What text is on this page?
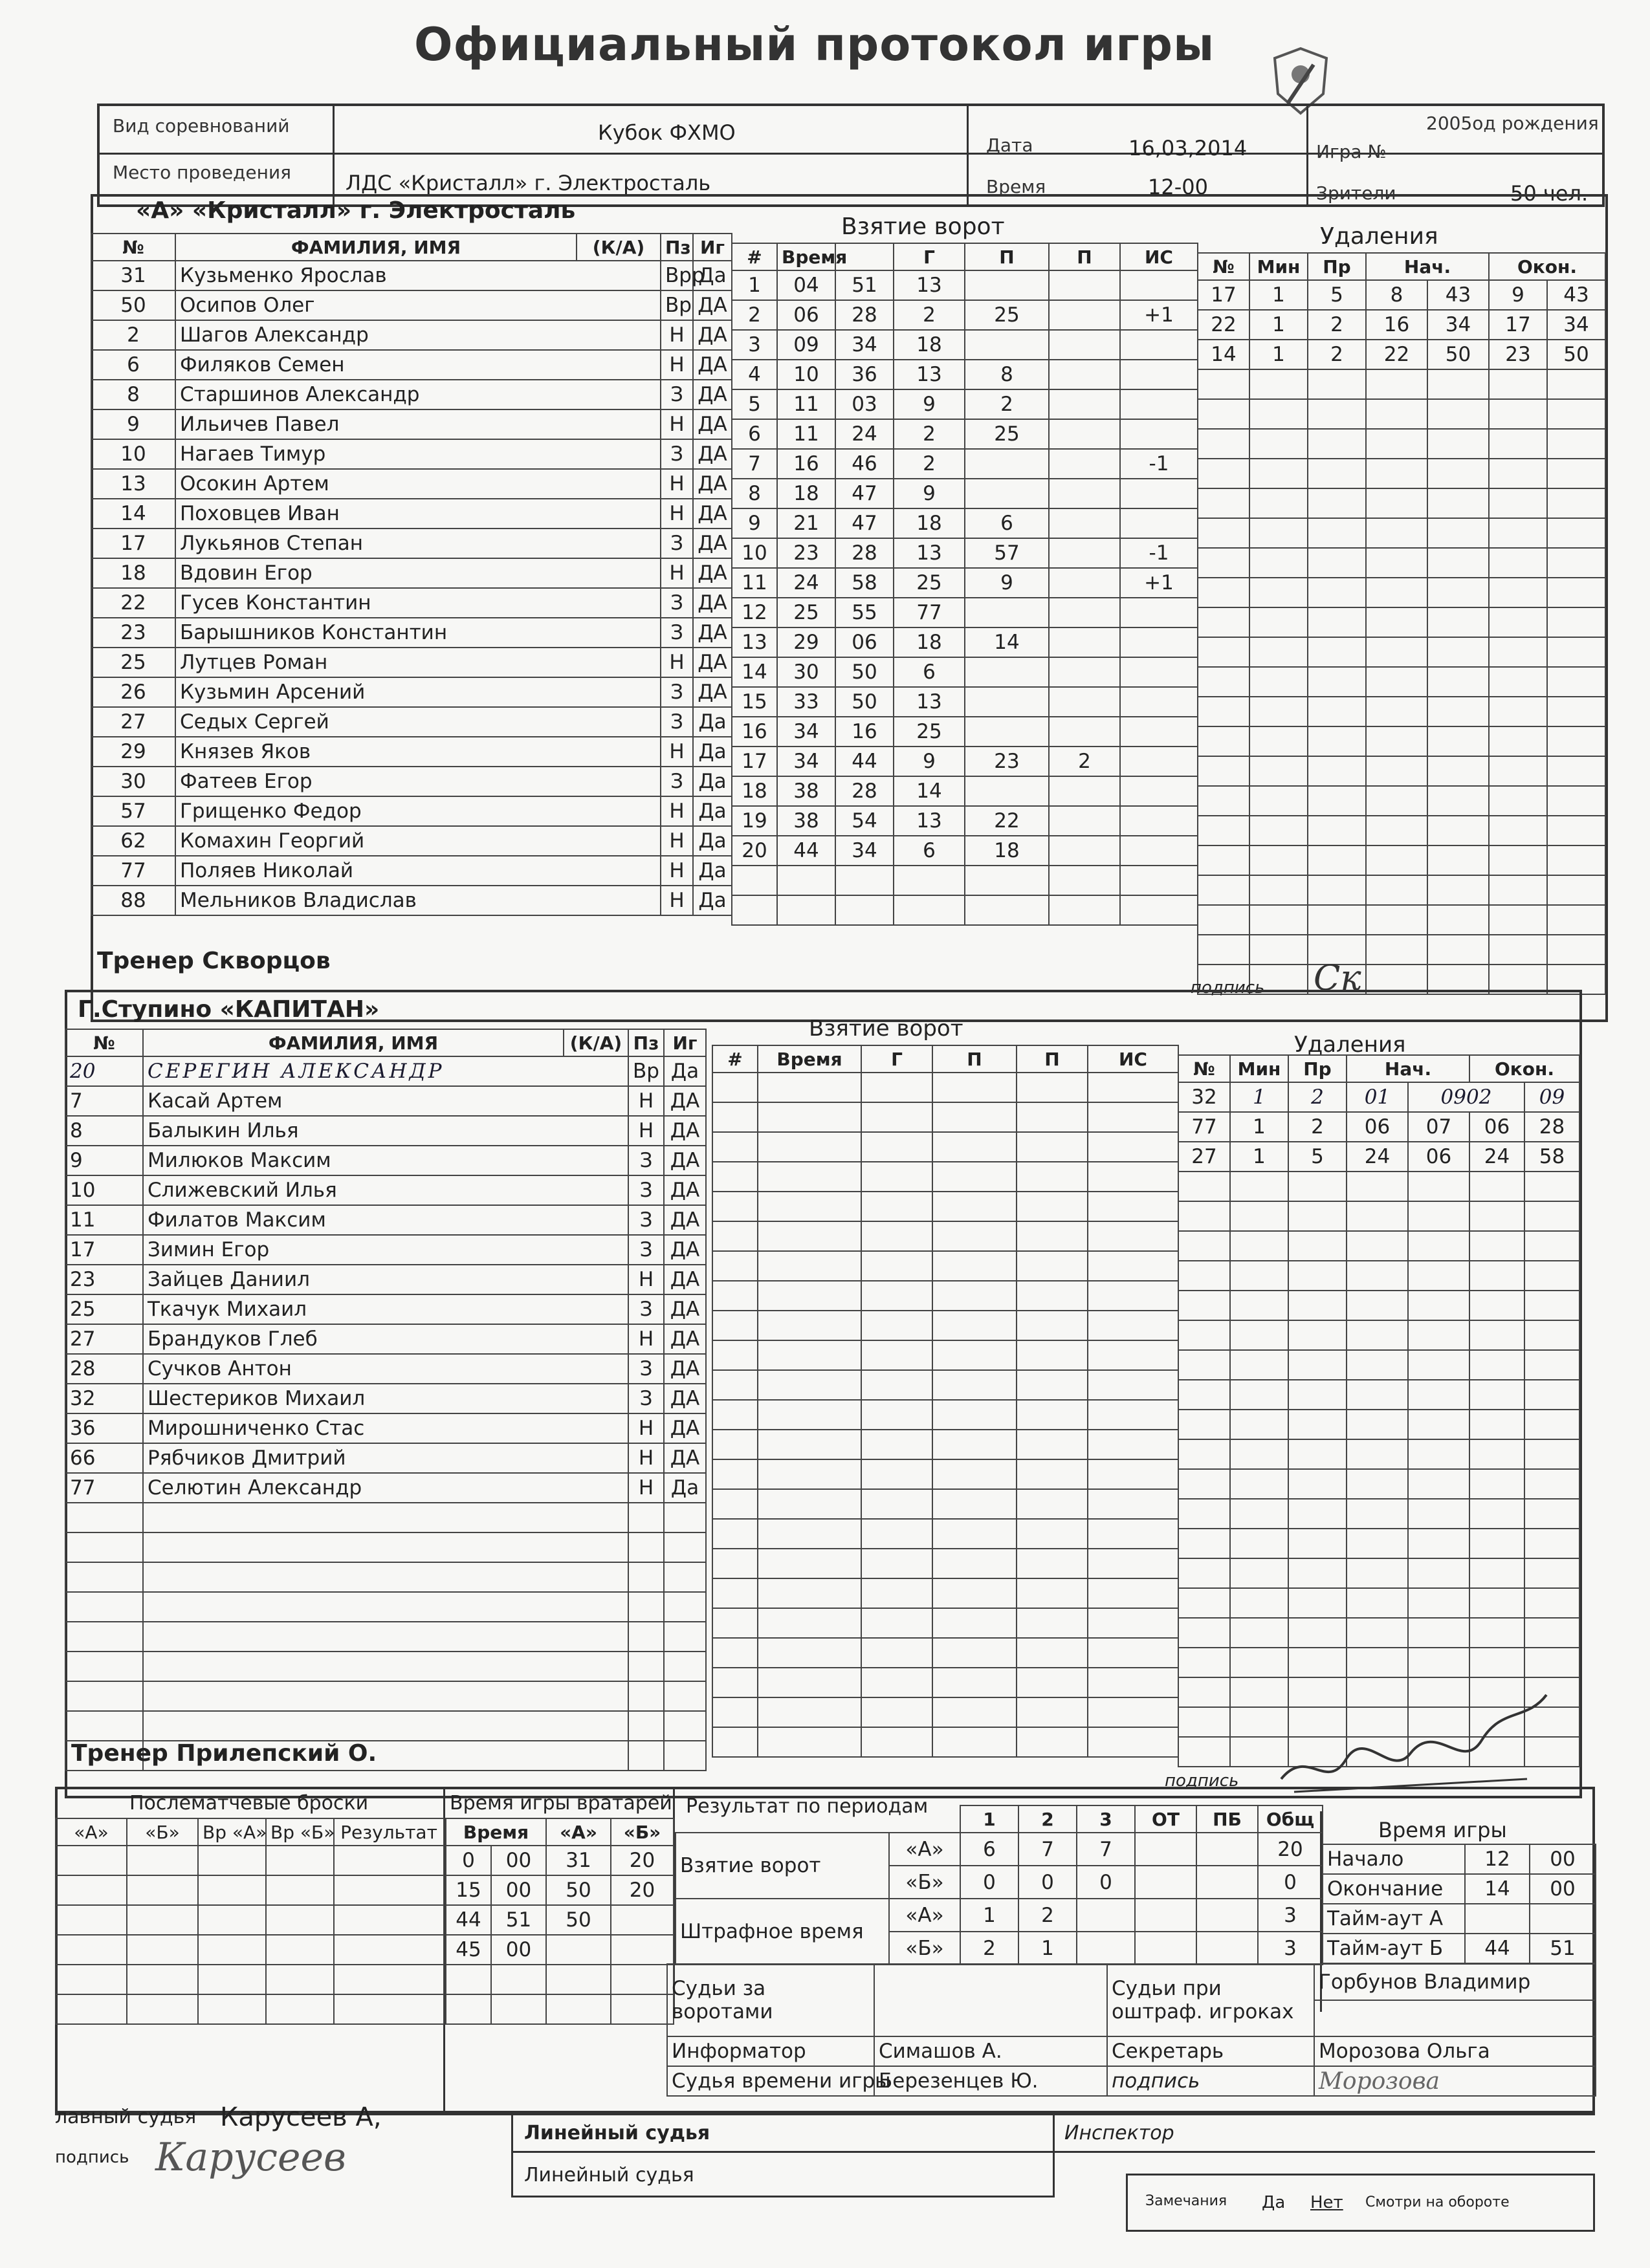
Официальный протокол игры
Вид соревнований	Кубок ФХМО	2005од рождения
Место проведения	ЛДС «Кристалл» г. Электросталь
Дата	16,03,2014	Игра №
Время	12-00	Зрители	50 чел.
«А» «Кристалл» г. Электросталь
Взятие ворот	Удаления
№	ФАМИЛИЯ, ИМЯ	(К/А)	Пз	Иг
31	Кузьменко Ярослав		Врр	Да
50	Осипов Олег		Вр	ДА
2	Шагов Александр		Н	ДА
6	Филяков Семен		Н	ДА
8	Старшинов Александр		З	ДА
9	Ильичев Павел		Н	ДА
10	Нагаев Тимур		З	ДА
13	Осокин Артем		Н	ДА
14	Поховцев Иван		Н	ДА
17	Лукьянов Степан		З	ДА
18	Вдовин Егор		Н	ДА
22	Гусев Константин		З	ДА
23	Барышников Константин		З	ДА
25	Лутцев Роман		Н	ДА
26	Кузьмин Арсений		З	ДА
27	Седых Сергей		З	Да
29	Князев Яков		Н	Да
30	Фатеев Егор		З	Да
57	Грищенко Федор		Н	Да
62	Комахин Георгий		Н	Да
77	Поляев Николай		Н	Да
88	Мельников Владислав		Н	Да
#	Время		Г	П	П	ИС
1	04	51	13			
2	06	28	2	25		+1
3	09	34	18			
4	10	36	13	8		
5	11	03	9	2		
6	11	24	2	25		
7	16	46	2			-1
8	18	47	9			
9	21	47	18	6		
10	23	28	13	57		-1
11	24	58	25	9		+1
12	25	55	77			
13	29	06	18	14		
14	30	50	6			
15	33	50	13			
16	34	16	25			
17	34	44	9	23	2	
18	38	28	14			
19	38	54	13	22		
20	44	34	6	18		

№	Мин	Пр	Нач.		Окон.	
17	1	5	8	43	9	43
22	1	2	16	34	17	34
14	1	2	22	50	23	50

Тренер Скворцов
подпись Ск
Г.Ступино «КАПИТАН»
Взятие ворот
Удаления
№	ФАМИЛИЯ, ИМЯ	(К/А)	Пз	Иг
20	СЕРЕГИН АЛЕКСАНДР		Вр	Да
7	Касай Артем		Н	ДА
8	Балыкин Илья		Н	ДА
9	Милюков Максим		З	ДА
10	Слижевский Илья		З	ДА
11	Филатов Максим		З	ДА
17	Зимин Егор		З	ДА
23	Зайцев Даниил		Н	ДА
25	Ткачук Михаил		З	ДА
27	Брандуков Глеб		Н	ДА
28	Сучков Антон		З	ДА
32	Шестериков Михаил		З	ДА
36	Мирошниченко Стас		Н	ДА
66	Рябчиков Дмитрий		Н	ДА
77	Селютин Александр		Н	Да

#	Время	Г	П	П	ИС

						№	Мин	Пр	Нач.		Окон.	
32	1	2	01	0902		09
77	1	2	06	07	06	28
27	1	5	24	06	24	58

Тренер Прилепский О.
подпись
Послематчевые броски
«А»	«Б»	Вр «А»	Вр «Б»	Результат

Время игры вратарей
Время		«А»	«Б»
0	00	31	20
15	00	50	20
44	51	50	
45	00		

Результат по периодам
		1	2	3	ОТ	ПБ	Общ
Взятие ворот	«А»	6	7	7			20
	«Б»	0	0	0			0
Штрафное время	«А»	1	2				3
	«Б»	2	1				3
Время игры
Начало	12	00
Окончание	14	00
Тайм-аут А		
Тайм-аут Б	44	51
Судьи за воротами		Судьи при оштраф. игроках	Горбунов Владимир

Информатор	Симашов А.	Секретарь	Морозова Ольга
Судья времени игры	Березенцев Ю.	подпись	Морозова
лавный судья Карусеев А,
подпись Карусеев
Линейный судья
Линейный судья
Инспектор
Замечания Да Нет Смотри на обороте
